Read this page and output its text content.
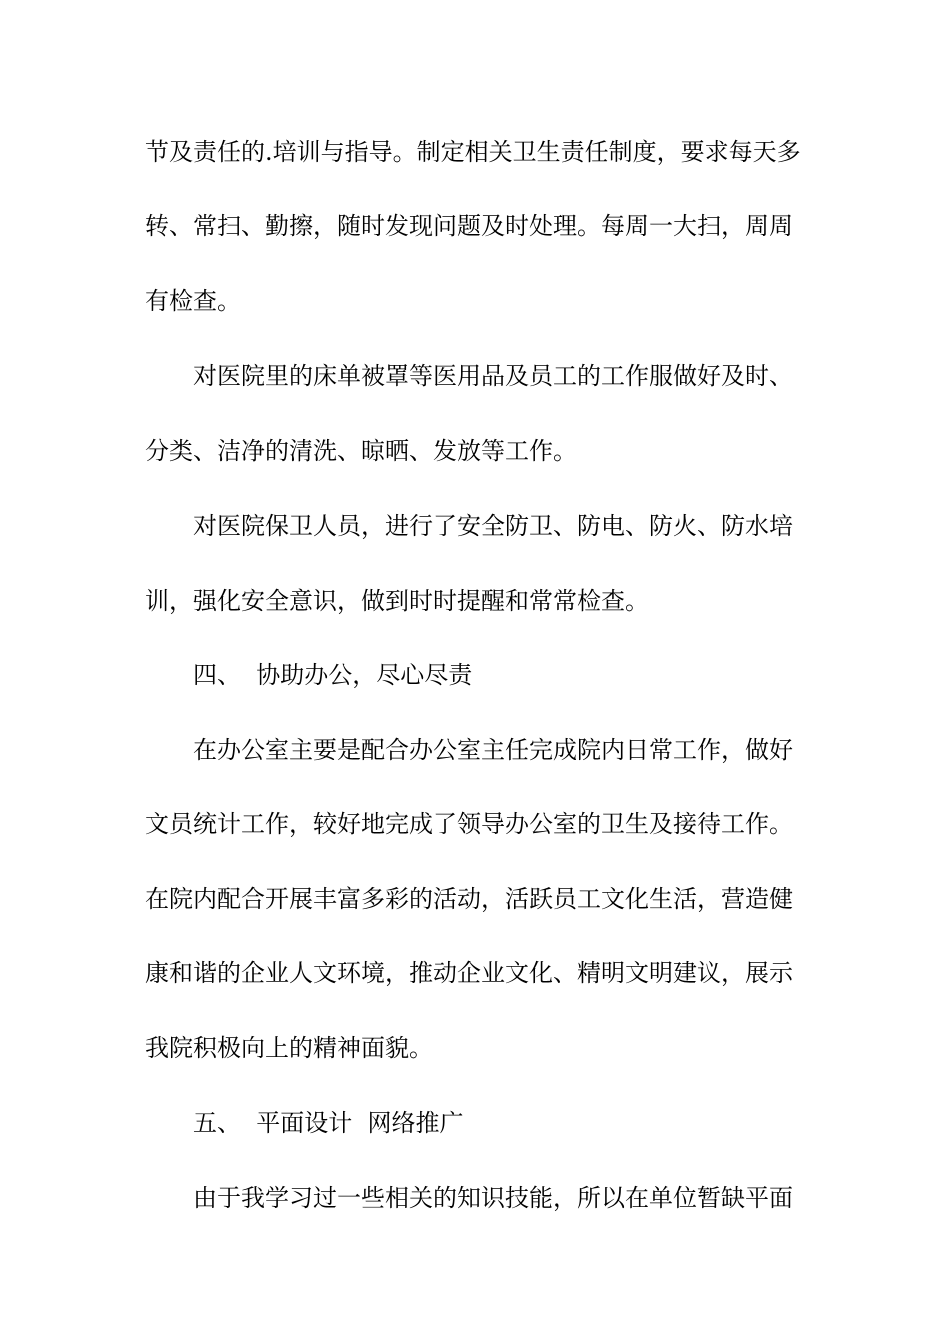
节及责任的.培训与指导。制定相关卫生责任制度，要求每天多
转、常扫、勤擦，随时发现问题及时处理。每周一大扫，周周
有检查。
对医院里的床单被罩等医用品及员工的工作服做好及时、
分类、洁净的清洗、晾晒、发放等工作。
对医院保卫人员，进行了安全防卫、防电、防火、防水培
训，强化安全意识，做到时时提醒和常常检查。
四、  协助办公，尽心尽责
在办公室主要是配合办公室主任完成院内日常工作，做好
文员统计工作，较好地完成了领导办公室的卫生及接待工作。
在院内配合开展丰富多彩的活动，活跃员工文化生活，营造健
康和谐的企业人文环境，推动企业文化、精明文明建议，展示
我院积极向上的精神面貌。
五、  平面设计  网络推广
由于我学习过一些相关的知识技能，所以在单位暂缺平面
